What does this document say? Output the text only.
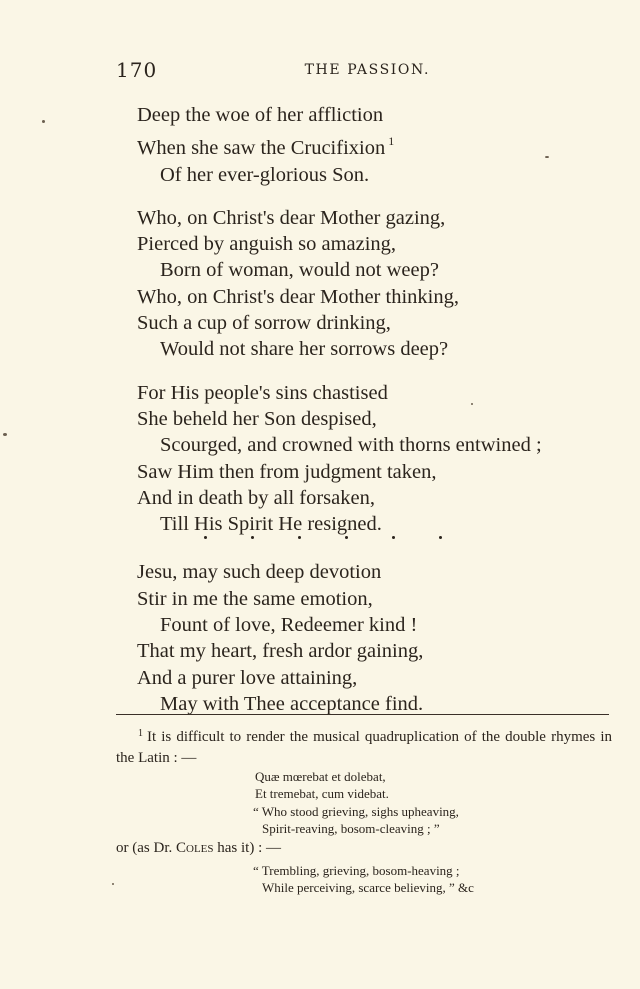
170	THE PASSION.
Deep the woe of her affliction
When she saw the Crucifixion $^1$
Of her ever-glorious Son.
Who, on Christ's dear Mother gazing,
Pierced by anguish so amazing,
Born of woman, would not weep?
Who, on Christ's dear Mother thinking,
Such a cup of sorrow drinking,
Would not share her sorrows deep?
For His people's sins chastised
She beheld her Son despised,
Scourged, and crowned with thorns entwined ;
Saw Him then from judgment taken,
And in death by all forsaken,
Till His Spirit He resigned.
Jesu, may such deep devotion
Stir in me the same emotion,
Fount of love, Redeemer kind !
That my heart, fresh ardor gaining,
And a purer love attaining,
May with Thee acceptance find.
$^1$ It is difficult to render the musical quadruplication of the double rhymes in the Latin : —
Quæ mœrebat et dolebat,
Et tremebat, cum videbat.
“ Who stood grieving, sighs upheaving,
Spirit-reaving, bosom-cleaving ; ”
or (as Dr. Coles has it) : —
“ Trembling, grieving, bosom-heaving ;
While perceiving, scarce believing, ” &c
